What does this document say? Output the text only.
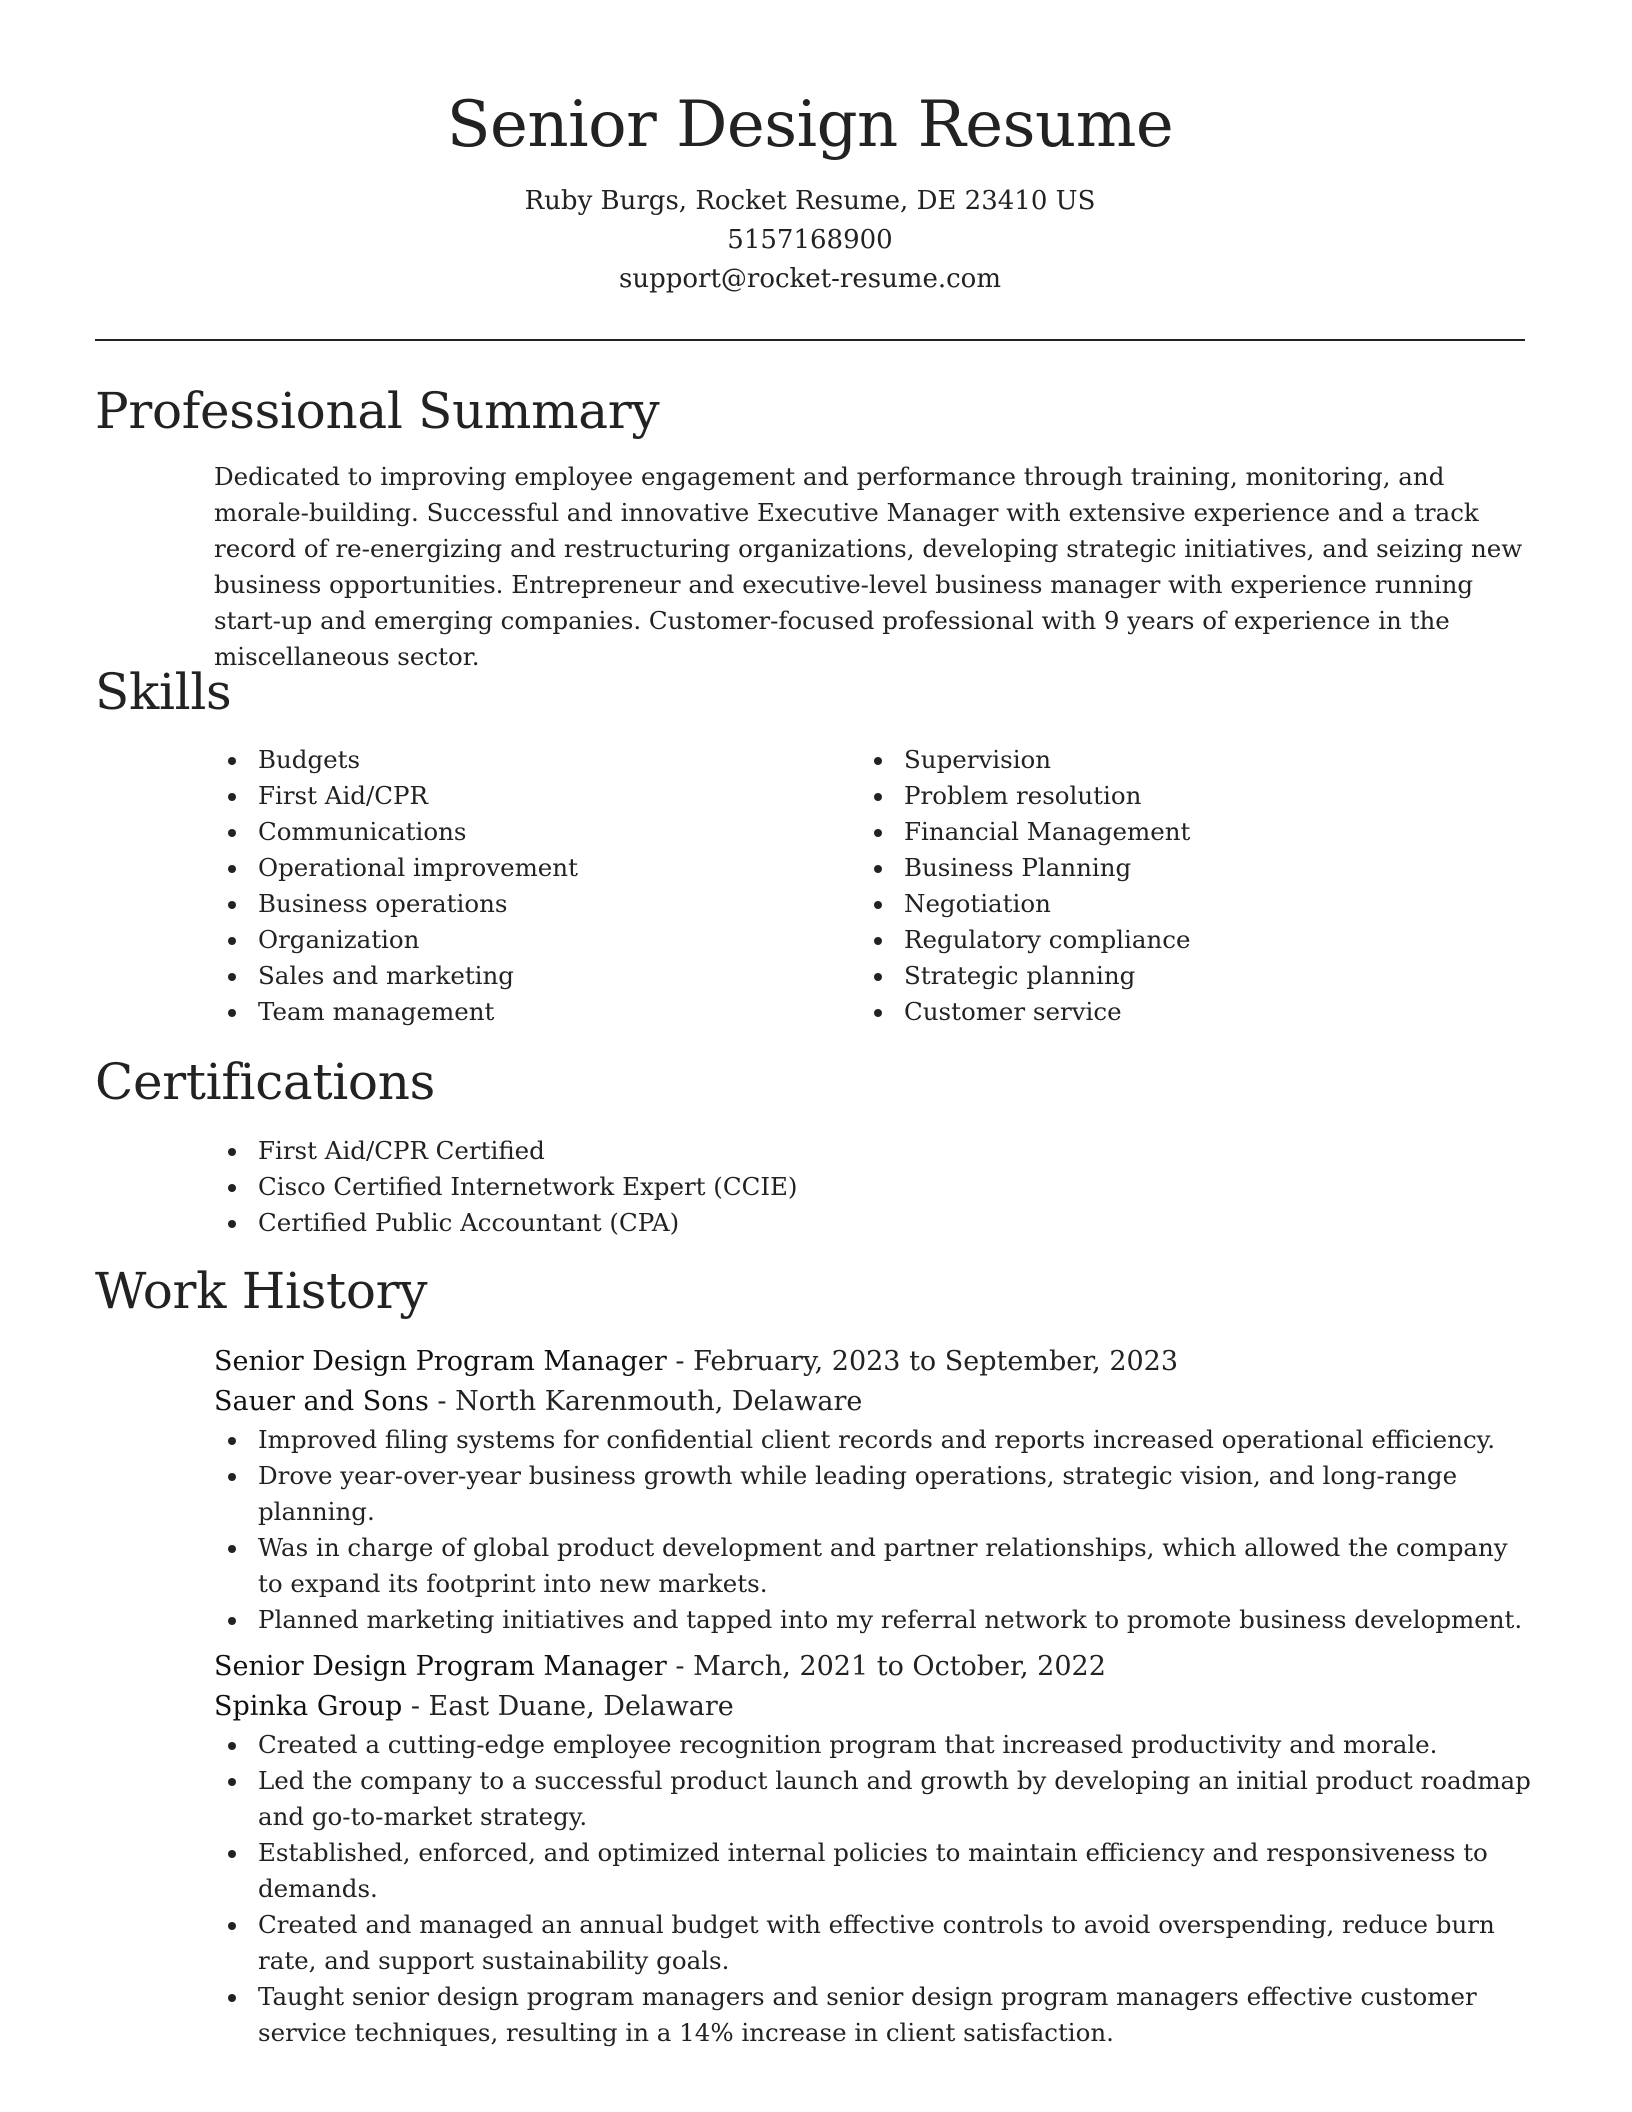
Senior Design Resume

Ruby Burgs, Rocket Resume, DE 23410 US

5157168900

support@rocket-resume.com

Professional Summary

Dedicated to improving employee engagement and performance through training, monitoring, and morale-building. Successful and innovative Executive Manager with extensive experience and a track record of re-energizing and restructuring organizations, developing strategic initiatives, and seizing new business opportunities. Entrepreneur and executive-level business manager with experience running start-up and emerging companies. Customer-focused professional with 9 years of experience in the miscellaneous sector.

Skills
Budgets
First Aid/CPR
Communications
Operational improvement
Business operations
Organization
Sales and marketing
Team management
Supervision
Problem resolution
Financial Management
Business Planning
Negotiation
Regulatory compliance
Strategic planning
Customer service
Certifications
First Aid/CPR Certified
Cisco Certified Internetwork Expert (CCIE)
Certified Public Accountant (CPA)
Work History

Senior Design Program Manager - February, 2023 to September, 2023

Sauer and Sons - North Karenmouth, Delaware

Improved filing systems for confidential client records and reports increased operational efficiency.
Drove year-over-year business growth while leading operations, strategic vision, and long-range planning.
Was in charge of global product development and partner relationships, which allowed the company to expand its footprint into new markets.
Planned marketing initiatives and tapped into my referral network to promote business development.

Senior Design Program Manager - March, 2021 to October, 2022

Spinka Group - East Duane, Delaware

Created a cutting-edge employee recognition program that increased productivity and morale.
Led the company to a successful product launch and growth by developing an initial product roadmap and go-to-market strategy.
Established, enforced, and optimized internal policies to maintain efficiency and responsiveness to demands.
Created and managed an annual budget with effective controls to avoid overspending, reduce burn rate, and support sustainability goals.
Taught senior design program managers and senior design program managers effective customer service techniques, resulting in a 14% increase in client satisfaction.
